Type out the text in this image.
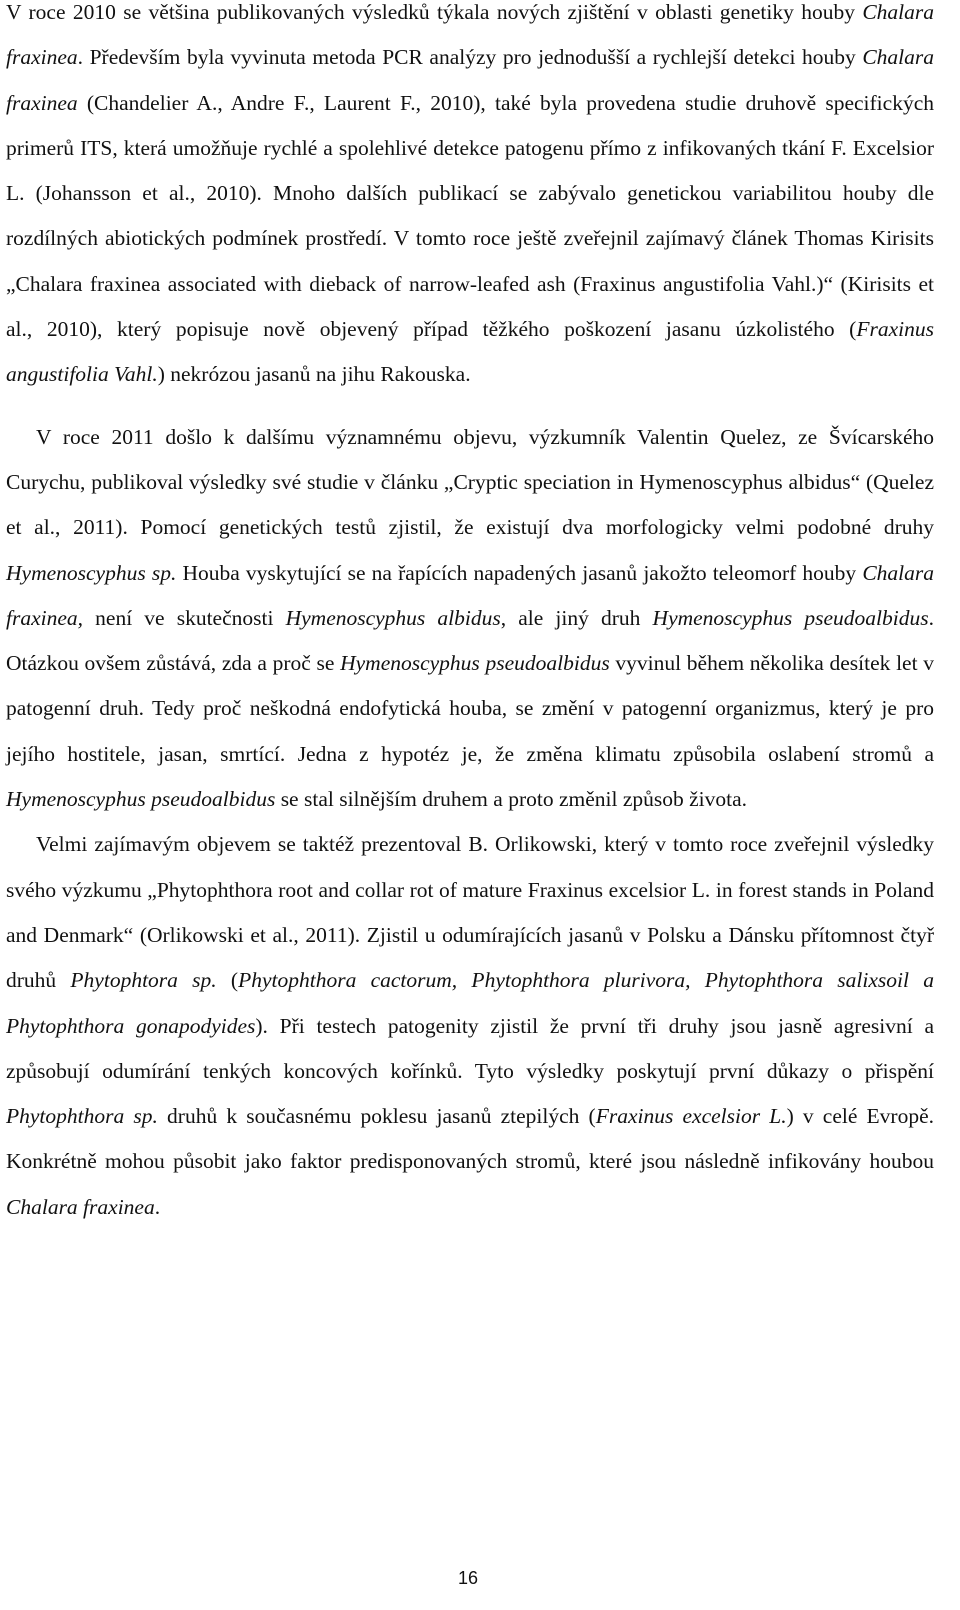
V roce 2010 se většina publikovaných výsledků týkala nových zjištění v oblasti genetiky houby Chalara fraxinea. Především byla vyvinuta metoda PCR analýzy pro jednodušší a rychlejší detekci houby Chalara fraxinea (Chandelier A., Andre F., Laurent F., 2010), také byla provedena studie druhově specifických primerů ITS, která umožňuje rychlé a spolehlivé detekce patogenu přímo z infikovaných tkání F. Excelsior L. (Johansson et al., 2010). Mnoho dalších publikací se zabývalo genetickou variabilitou houby dle rozdílných abiotických podmínek prostředí. V tomto roce ještě zveřejnil zajímavý článek Thomas Kirisits „Chalara fraxinea associated with dieback of narrow-leafed ash (Fraxinus angustifolia Vahl.)“ (Kirisits et al., 2010), který popisuje nově objevený případ těžkého poškození jasanu úzkolistého (Fraxinus angustifolia Vahl.) nekrózou jasanů na jihu Rakouska.

V roce 2011 došlo k dalšímu významnému objevu, výzkumník Valentin Quelez, ze Švícarského Curychu, publikoval výsledky své studie v článku „Cryptic speciation in Hymenoscyphus albidus“ (Quelez et al., 2011). Pomocí genetických testů zjistil, že existují dva morfologicky velmi podobné druhy Hymenoscyphus sp. Houba vyskytující se na řapících napadených jasanů jakožto teleomorf houby Chalara fraxinea, není ve skutečnosti Hymenoscyphus albidus, ale jiný druh Hymenoscyphus pseudoalbidus. Otázkou ovšem zůstává, zda a proč se Hymenoscyphus pseudoalbidus vyvinul během několika desítek let v patogenní druh. Tedy proč neškodná endofytická houba, se změní v patogenní organizmus, který je pro jejího hostitele, jasan, smrtící. Jedna z hypotéz je, že změna klimatu způsobila oslabení stromů a Hymenoscyphus pseudoalbidus se stal silnějším druhem a proto změnil způsob života.

Velmi zajímavým objevem se taktéž prezentoval B. Orlikowski, který v tomto roce zveřejnil výsledky svého výzkumu „Phytophthora root and collar rot of mature Fraxinus excelsior L. in forest stands in Poland and Denmark“ (Orlikowski et al., 2011). Zjistil u odumírajících jasanů v Polsku a Dánsku přítomnost čtyř druhů Phytophtora sp. (Phytophthora cactorum, Phytophthora plurivora, Phytophthora salixsoil a Phytophthora gonapodyides). Při testech patogenity zjistil že první tři druhy jsou jasně agresivní a způsobují odumírání tenkých koncových kořínků. Tyto výsledky poskytují první důkazy o přispění Phytophthora sp. druhů k současnému poklesu jasanů ztepilých (Fraxinus excelsior L.) v celé Evropě. Konkrétně mohou působit jako faktor predisponovaných stromů, které jsou následně infikovány houbou Chalara fraxinea.

16
